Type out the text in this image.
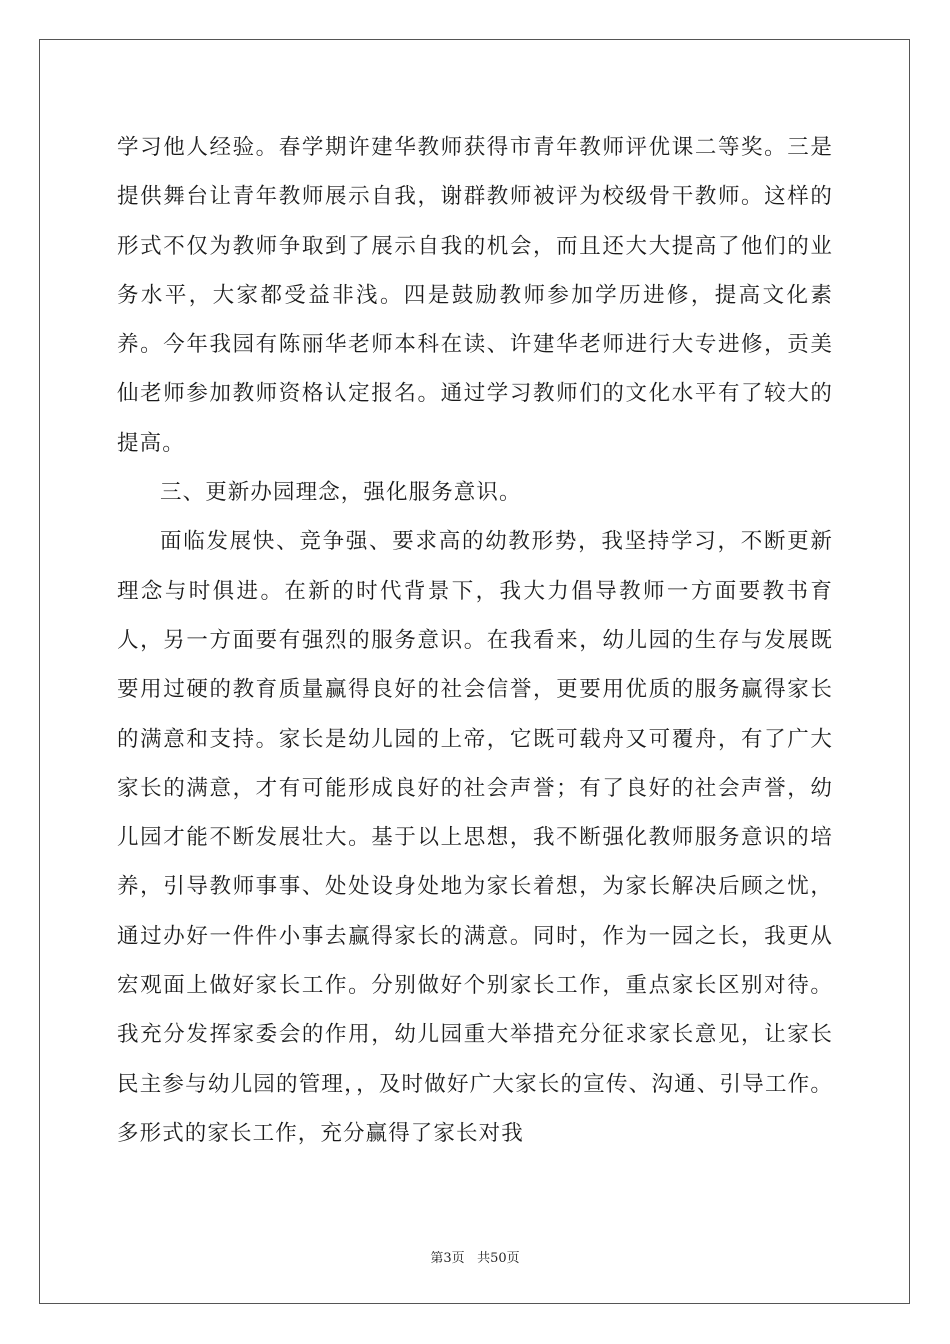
学习他人经验。春学期许建华教师获得市青年教师评优课二等奖。三是提供舞台让青年教师展示自我，谢群教师被评为校级骨干教师。这样的形式不仅为教师争取到了展示自我的机会，而且还大大提高了他们的业务水平，大家都受益非浅。四是鼓励教师参加学历进修，提高文化素养。今年我园有陈丽华老师本科在读、许建华老师进行大专进修，贡美仙老师参加教师资格认定报名。通过学习教师们的文化水平有了较大的提高。

三、更新办园理念，强化服务意识。

面临发展快、竞争强、要求高的幼教形势，我坚持学习，不断更新理念与时俱进。在新的时代背景下，我大力倡导教师一方面要教书育人，另一方面要有强烈的服务意识。在我看来，幼儿园的生存与发展既要用过硬的教育质量赢得良好的社会信誉，更要用优质的服务赢得家长的满意和支持。家长是幼儿园的上帝，它既可载舟又可覆舟，有了广大家长的满意，才有可能形成良好的社会声誉；有了良好的社会声誉，幼儿园才能不断发展壮大。基于以上思想，我不断强化教师服务意识的培养，引导教师事事、处处设身处地为家长着想，为家长解决后顾之忧，通过办好一件件小事去赢得家长的满意。同时，作为一园之长，我更从宏观面上做好家长工作。分别做好个别家长工作，重点家长区别对待。我充分发挥家委会的作用，幼儿园重大举措充分征求家长意见，让家长民主参与幼儿园的管理，，及时做好广大家长的宣传、沟通、引导工作。多形式的家长工作，充分赢得了家长对我

第3页 共50页
